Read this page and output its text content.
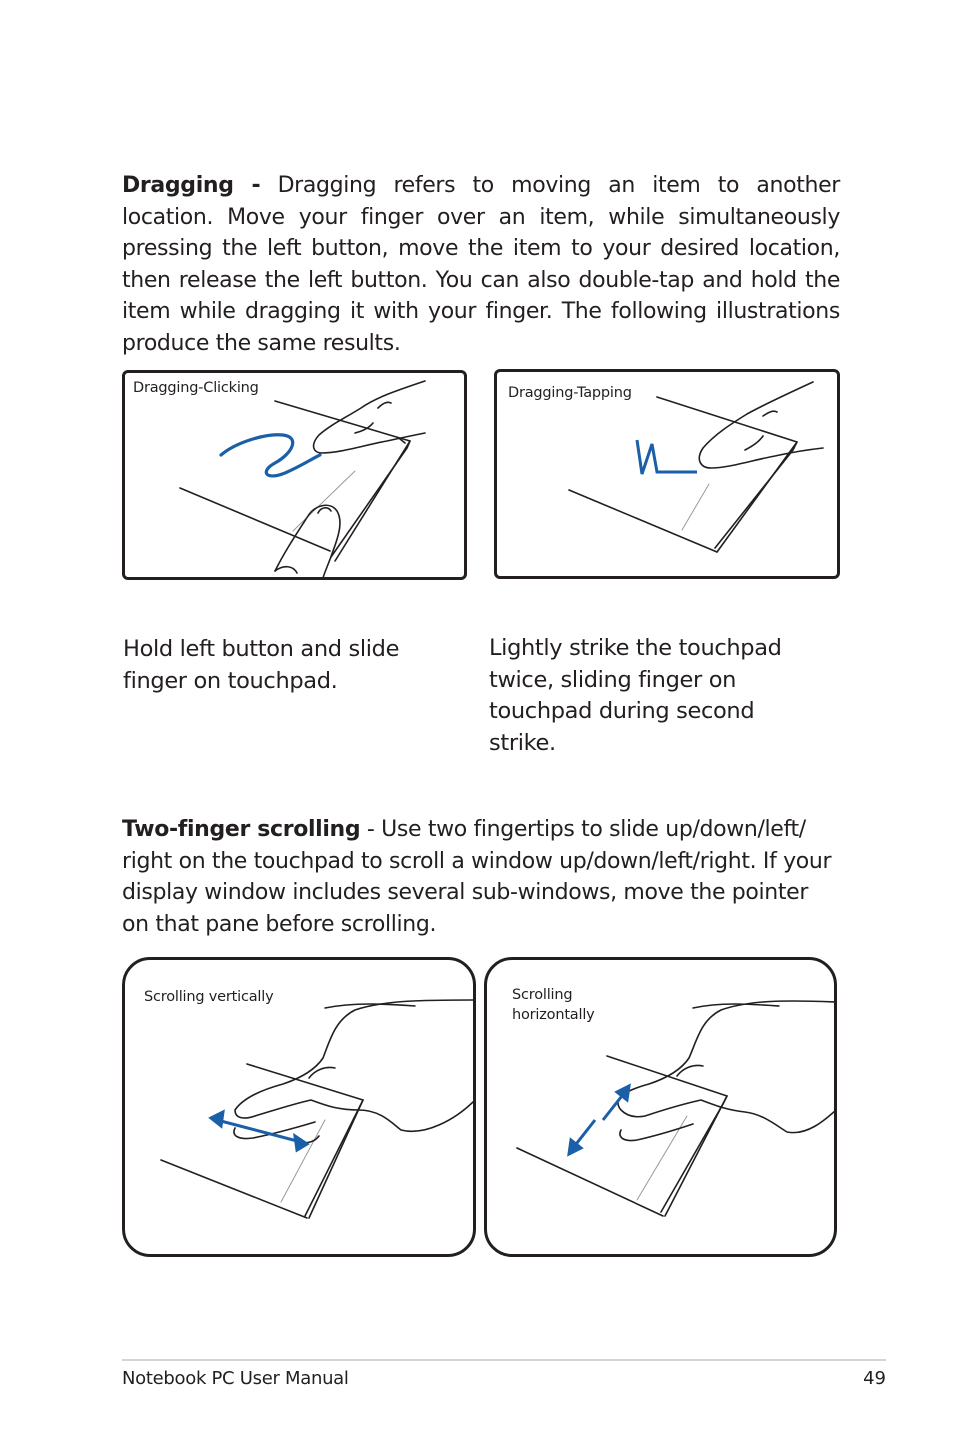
Dragging - Dragging refers to moving an item to another location. Move your finger over an item, while simultaneously pressing the left button, move the item to your desired location, then release the left button. You can also double-tap and hold the item while dragging it with your finger. The following illustrations produce the same results.
Dragging-Clicking	Dragging-Tapping
Hold left button and slide finger on touchpad.
Lightly strike the touchpad twice, sliding finger on touchpad during second strike.
Two-finger scrolling - Use two fingertips to slide up/down/left/ right on the touchpad to scroll a window up/down/left/right. If your display window includes several sub-windows, move the pointer on that pane before scrolling.
Scrolling vertically	Scrolling horizontally
Notebook PC User Manual	49
